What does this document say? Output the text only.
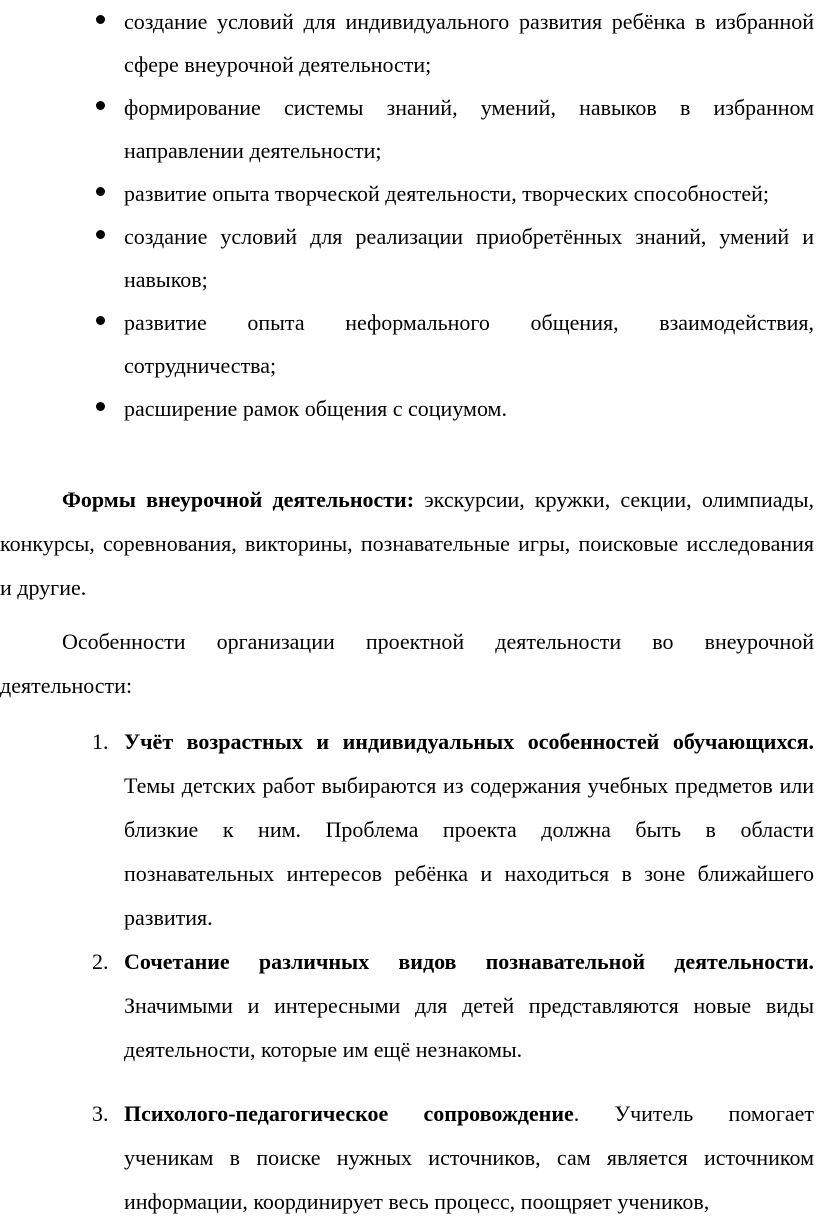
создание условий для индивидуального развития ребёнка в избранной сфере внеурочной деятельности;
формирование системы знаний, умений, навыков в избранном направлении деятельности;
развитие опыта творческой деятельности, творческих способностей;
создание условий для реализации приобретённых знаний, умений и навыков;
развитие опыта неформального общения, взаимодействия, сотрудничества;
расширение рамок общения с социумом.

Формы внеурочной деятельности: экскурсии, кружки, секции, олимпиады, конкурсы, соревнования, викторины, познавательные игры, поисковые исследования и другие.

Особенности организации проектной деятельности во внеурочной деятельности:

1. Учёт возрастных и индивидуальных особенностей обучающихся. Темы детских работ выбираются из содержания учебных предметов или близкие к ним. Проблема проекта должна быть в области познавательных интересов ребёнка и находиться в зоне ближайшего развития.
2. Сочетание различных видов познавательной деятельности. Значимыми и интересными для детей представляются новые виды деятельности, которые им ещё незнакомы.
3. Психолого-педагогическое сопровождение. Учитель помогает ученикам в поиске нужных источников, сам является источником информации, координирует весь процесс, поощряет учеников,
